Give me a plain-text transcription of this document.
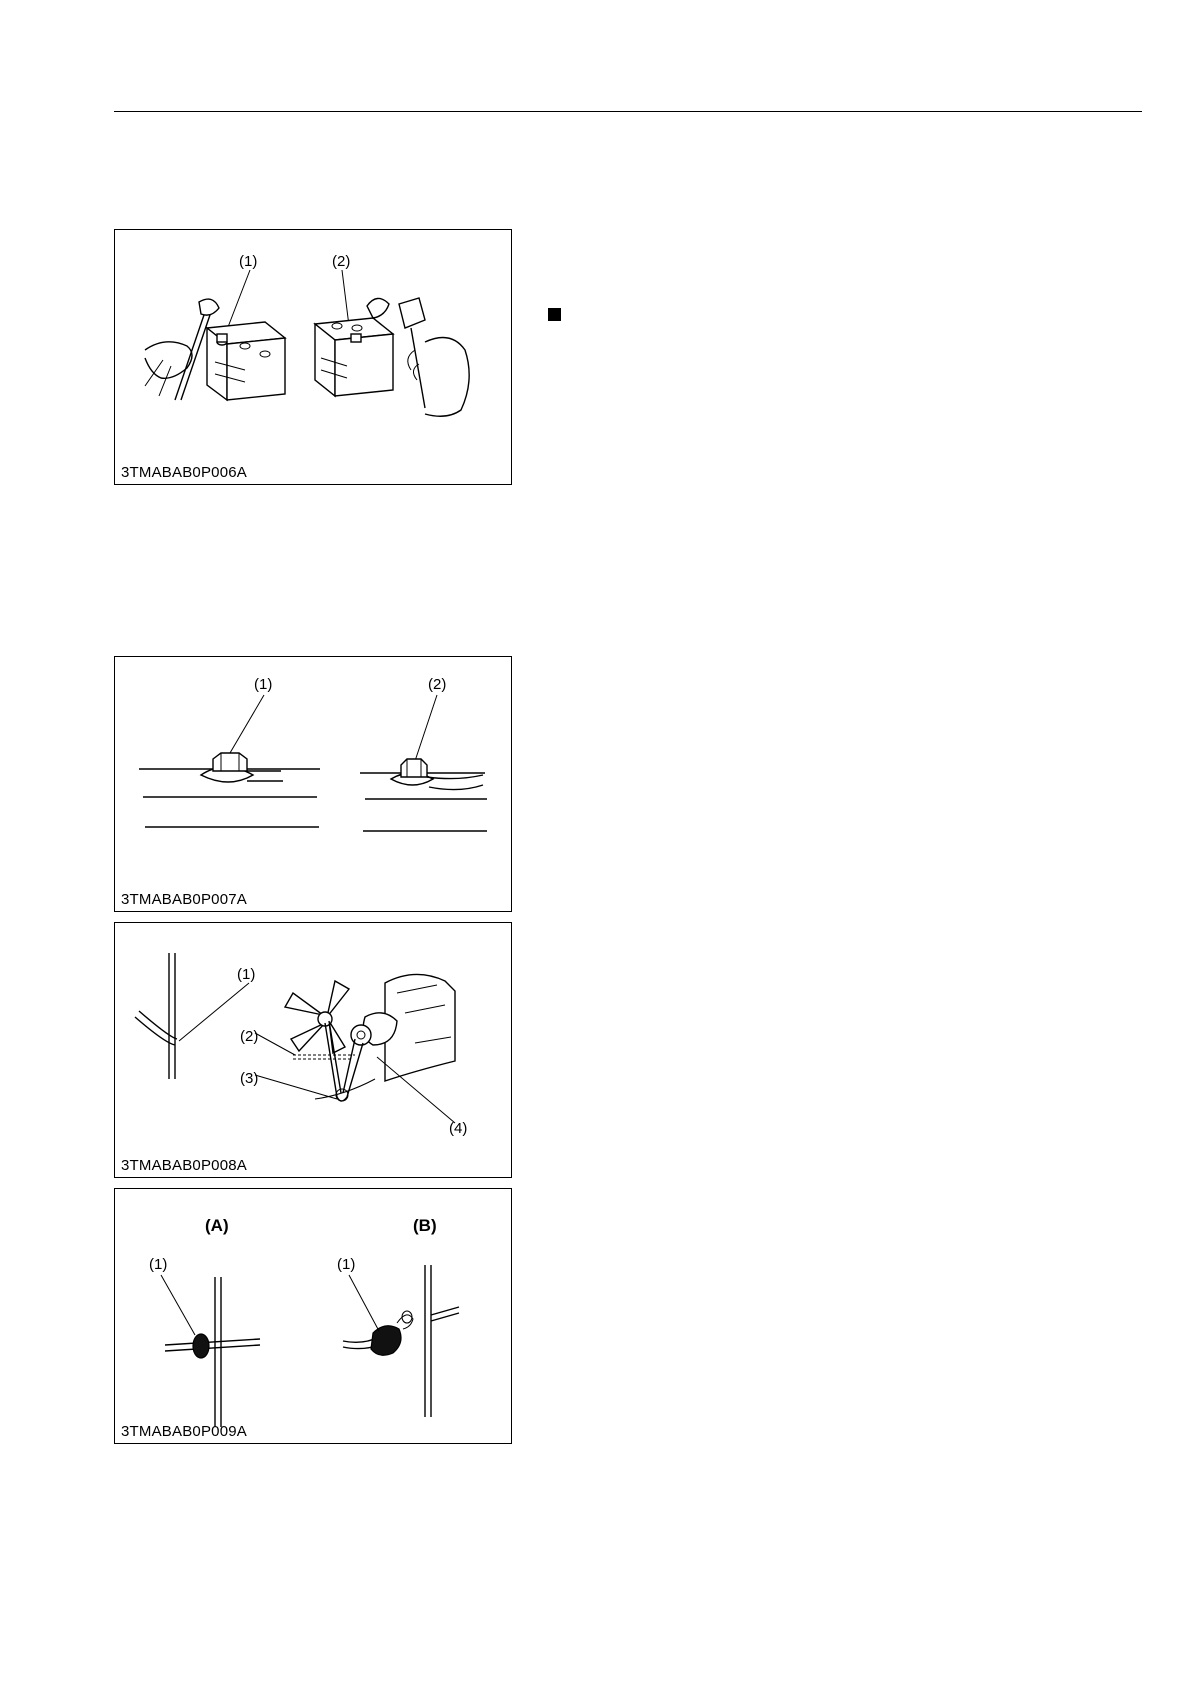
(1)	(2)
3TMABAB0P006A
(1)	(2)
3TMABAB0P007A
(1)
(2)
(3)
(4)
3TMABAB0P008A
(A)	(B)
(1)	(1)
3TMABAB0P009A
